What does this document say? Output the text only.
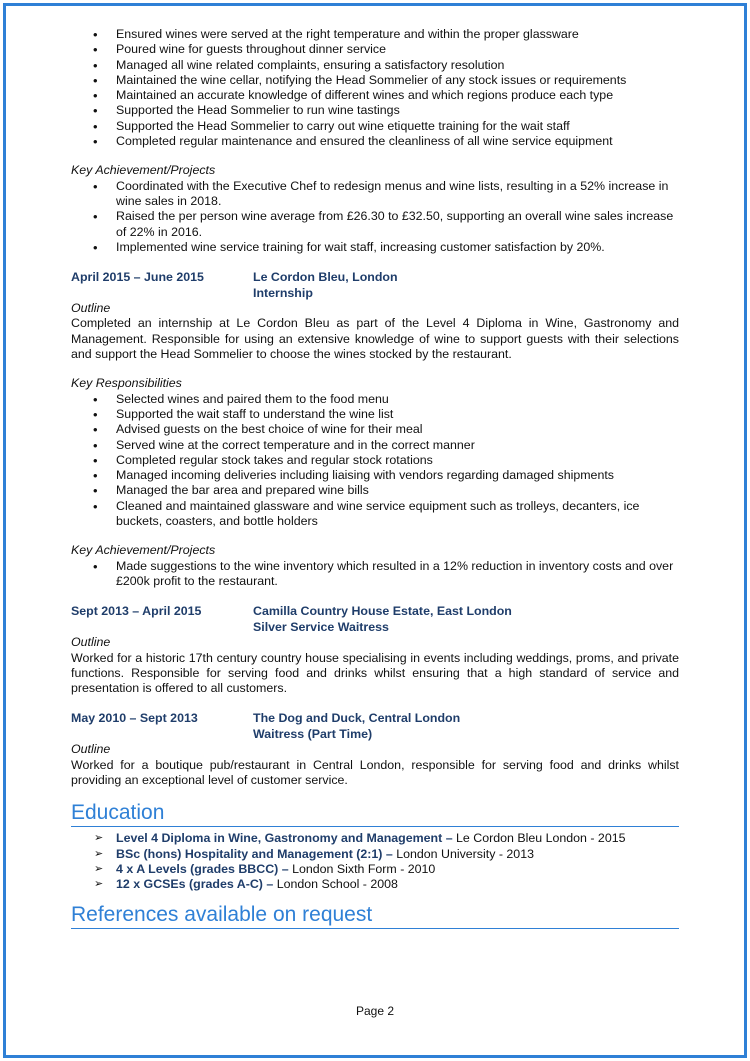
• Ensured wines were served at the right temperature and within the proper glassware
• Poured wine for guests throughout dinner service
• Managed all wine related complaints, ensuring a satisfactory resolution
• Maintained the wine cellar, notifying the Head Sommelier of any stock issues or requirements
• Maintained an accurate knowledge of different wines and which regions produce each type
• Supported the Head Sommelier to run wine tastings
• Supported the Head Sommelier to carry out wine etiquette training for the wait staff
• Completed regular maintenance and ensured the cleanliness of all wine service equipment
Key Achievement/Projects
• Coordinated with the Executive Chef to redesign menus and wine lists, resulting in a 52% increase in wine sales in 2018.
• Raised the per person wine average from £26.30 to £32.50, supporting an overall wine sales increase of 22% in 2016.
• Implemented wine service training for wait staff, increasing customer satisfaction by 20%.
April 2015 – June 2015	Le Cordon Bleu, London
Internship
Outline
Completed an internship at Le Cordon Bleu as part of the Level 4 Diploma in Wine, Gastronomy and Management. Responsible for using an extensive knowledge of wine to support guests with their selections and support the Head Sommelier to choose the wines stocked by the restaurant.
Key Responsibilities
• Selected wines and paired them to the food menu
• Supported the wait staff to understand the wine list
• Advised guests on the best choice of wine for their meal
• Served wine at the correct temperature and in the correct manner
• Completed regular stock takes and regular stock rotations
• Managed incoming deliveries including liaising with vendors regarding damaged shipments
• Managed the bar area and prepared wine bills
• Cleaned and maintained glassware and wine service equipment such as trolleys, decanters, ice buckets, coasters, and bottle holders
Key Achievement/Projects
• Made suggestions to the wine inventory which resulted in a 12% reduction in inventory costs and over £200k profit to the restaurant.
Sept 2013 – April 2015	Camilla Country House Estate, East London
Silver Service Waitress
Outline
Worked for a historic 17th century country house specialising in events including weddings, proms, and private functions. Responsible for serving food and drinks whilst ensuring that a high standard of service and presentation is offered to all customers.
May 2010 – Sept 2013	The Dog and Duck, Central London
Waitress (Part Time)
Outline
Worked for a boutique pub/restaurant in Central London, responsible for serving food and drinks whilst providing an exceptional level of customer service.
Education
➢ Level 4 Diploma in Wine, Gastronomy and Management – Le Cordon Bleu London - 2015
➢ BSc (hons) Hospitality and Management (2:1) – London University - 2013
➢ 4 x A Levels (grades BBCC) – London Sixth Form - 2010
➢ 12 x GCSEs (grades A-C) – London School - 2008
References available on request
Page 2
